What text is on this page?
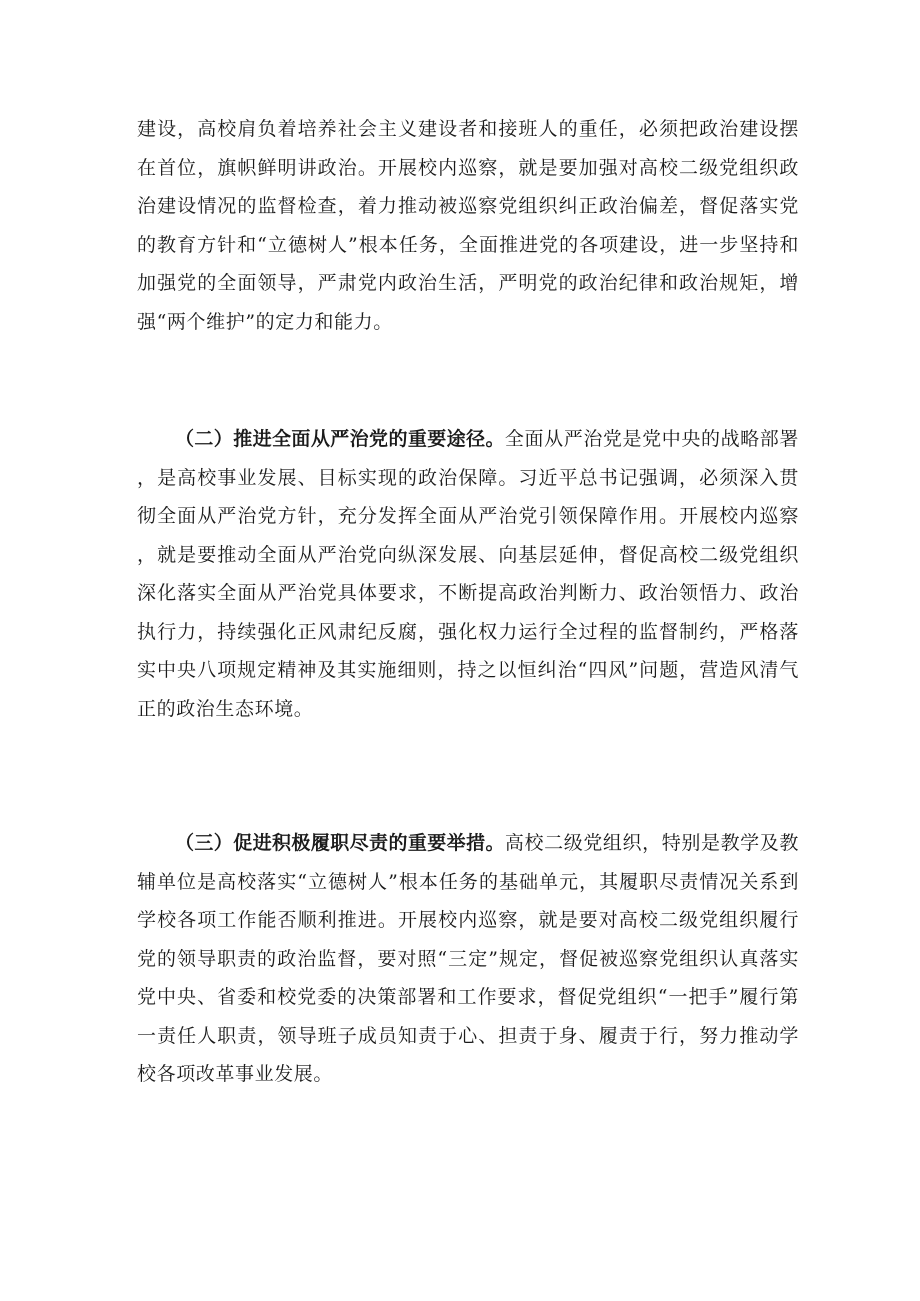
建设，高校肩负着培养社会主义建设者和接班人的重任，必须把政治建设摆在首位，旗帜鲜明讲政治。开展校内巡察，就是要加强对高校二级党组织政治建设情况的监督检查，着力推动被巡察党组织纠正政治偏差，督促落实党的教育方针和“立德树人”根本任务，全面推进党的各项建设，进一步坚持和加强党的全面领导，严肃党内政治生活，严明党的政治纪律和政治规矩，增强“两个维护”的定力和能力。

（二）推进全面从严治党的重要途径。全面从严治党是党中央的战略部署，是高校事业发展、目标实现的政治保障。习近平总书记强调，必须深入贯彻全面从严治党方针，充分发挥全面从严治党引领保障作用。开展校内巡察，就是要推动全面从严治党向纵深发展、向基层延伸，督促高校二级党组织深化落实全面从严治党具体要求，不断提高政治判断力、政治领悟力、政治执行力，持续强化正风肃纪反腐，强化权力运行全过程的监督制约，严格落实中央八项规定精神及其实施细则，持之以恒纠治“四风”问题，营造风清气正的政治生态环境。

（三）促进积极履职尽责的重要举措。高校二级党组织，特别是教学及教辅单位是高校落实“立德树人”根本任务的基础单元，其履职尽责情况关系到学校各项工作能否顺利推进。开展校内巡察，就是要对高校二级党组织履行党的领导职责的政治监督，要对照“三定”规定，督促被巡察党组织认真落实党中央、省委和校党委的决策部署和工作要求，督促党组织“一把手”履行第一责任人职责，领导班子成员知责于心、担责于身、履责于行，努力推动学校各项改革事业发展。
